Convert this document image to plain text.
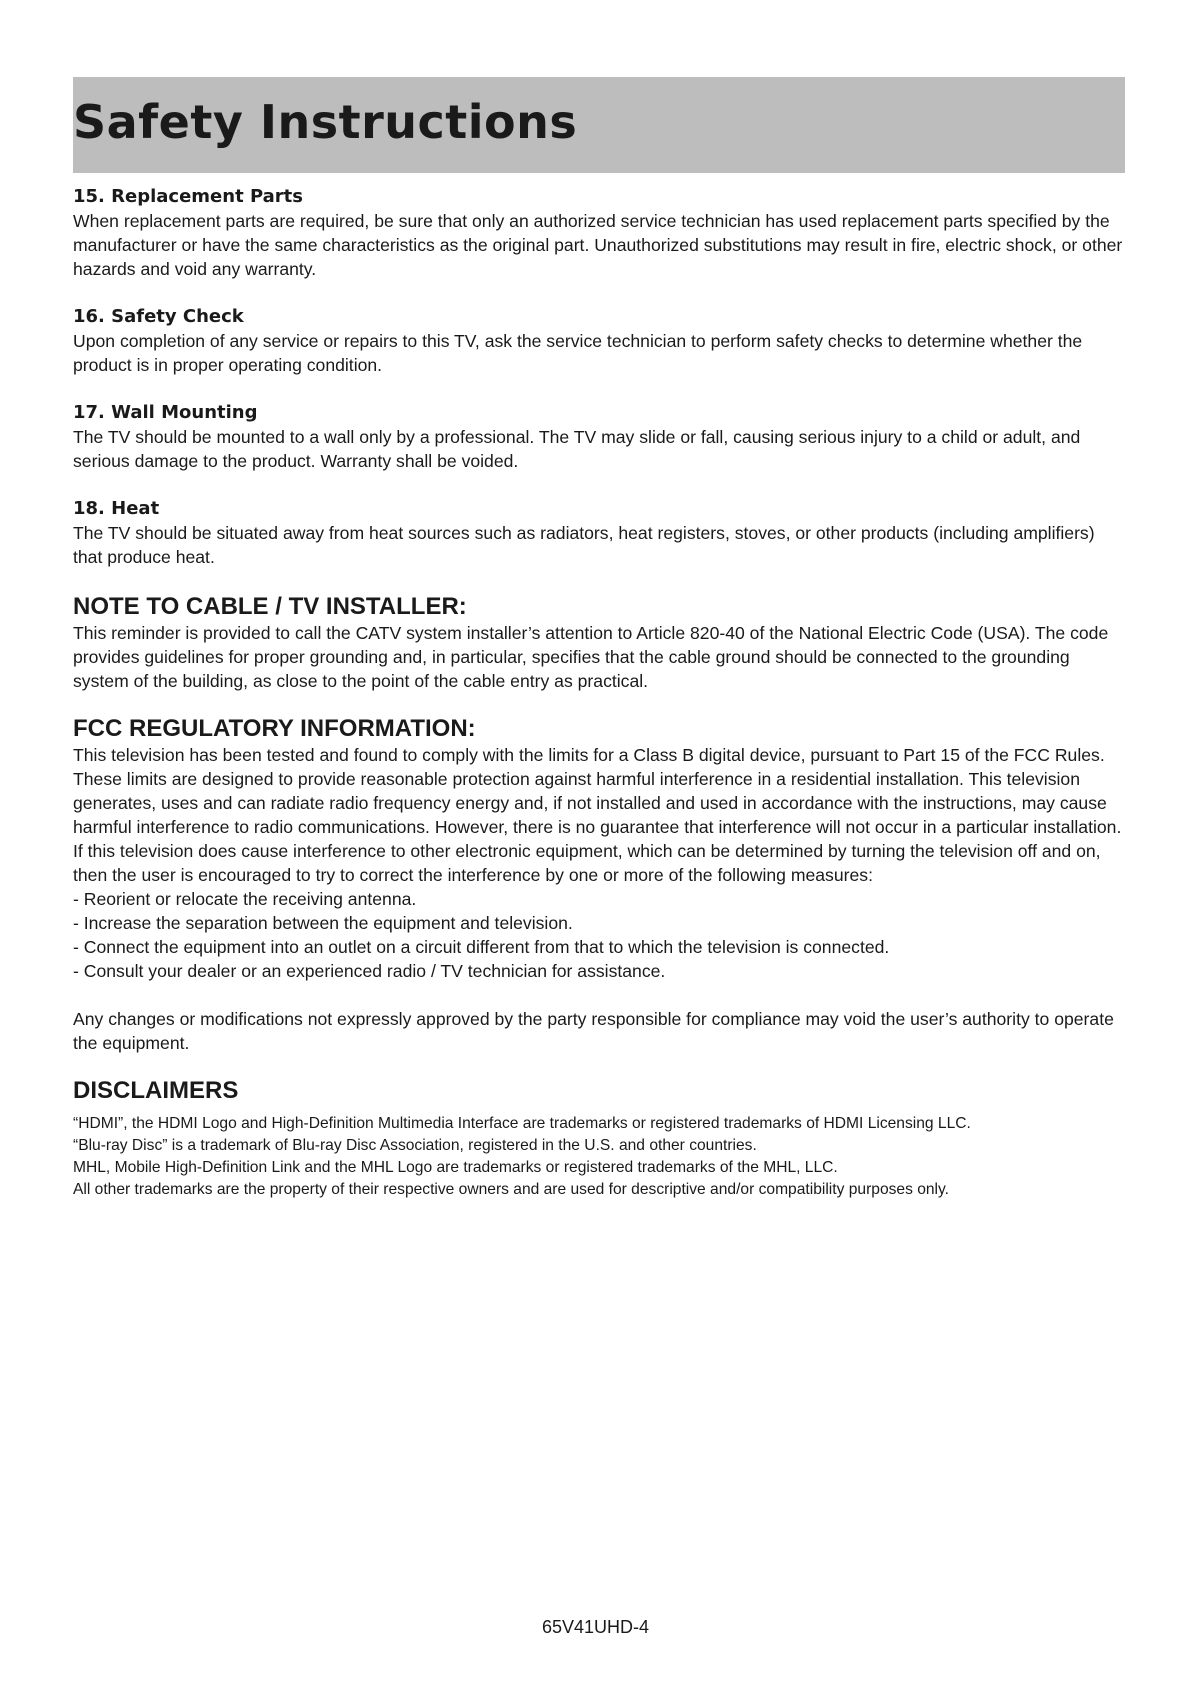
Safety Instructions
15. Replacement Parts

When replacement parts are required, be sure that only an authorized service technician has used replacement parts specified by the manufacturer or have the same characteristics as the original part. Unauthorized substitutions may result in fire, electric shock, or other hazards and void any warranty.

16. Safety Check

Upon completion of any service or repairs to this TV, ask the service technician to perform safety checks to determine whether the product is in proper operating condition.

17. Wall Mounting

The TV should be mounted to a wall only by a professional. The TV may slide or fall, causing serious injury to a child or adult, and serious damage to the product. Warranty shall be voided.

18. Heat

The TV should be situated away from heat sources such as radiators, heat registers, stoves, or other products (including amplifiers) that produce heat.

NOTE TO CABLE / TV INSTALLER:

This reminder is provided to call the CATV system installer’s attention to Article 820-40 of the National Electric Code (USA). The code provides guidelines for proper grounding and, in particular, specifies that the cable ground should be connected to the grounding system of the building, as close to the point of the cable entry as practical.

FCC REGULATORY INFORMATION:

This television has been tested and found to comply with the limits for a Class B digital device, pursuant to Part 15 of the FCC Rules. These limits are designed to provide reasonable protection against harmful interference in a residential installation. This television generates, uses and can radiate radio frequency energy and, if not installed and used in accordance with the instructions, may cause harmful interference to radio communications. However, there is no guarantee that interference will not occur in a particular installation. If this television does cause interference to other electronic equipment, which can be determined by turning the television off and on, then the user is encouraged to try to correct the interference by one or more of the following measures:

- Reorient or relocate the receiving antenna.
- Increase the separation between the equipment and television.
- Connect the equipment into an outlet on a circuit different from that to which the television is connected.
- Consult your dealer or an experienced radio / TV technician for assistance.

Any changes or modifications not expressly approved by the party responsible for compliance may void the user’s authority to operate the equipment.

DISCLAIMERS

“HDMI”, the HDMI Logo and High-Definition Multimedia Interface are trademarks or registered trademarks of HDMI Licensing LLC.

“Blu-ray Disc” is a trademark of Blu-ray Disc Association, registered in the U.S. and other countries.

MHL, Mobile High-Definition Link and the MHL Logo are trademarks or registered trademarks of the MHL, LLC.

All other trademarks are the property of their respective owners and are used for descriptive and/or compatibility purposes only.

65V41UHD-4
